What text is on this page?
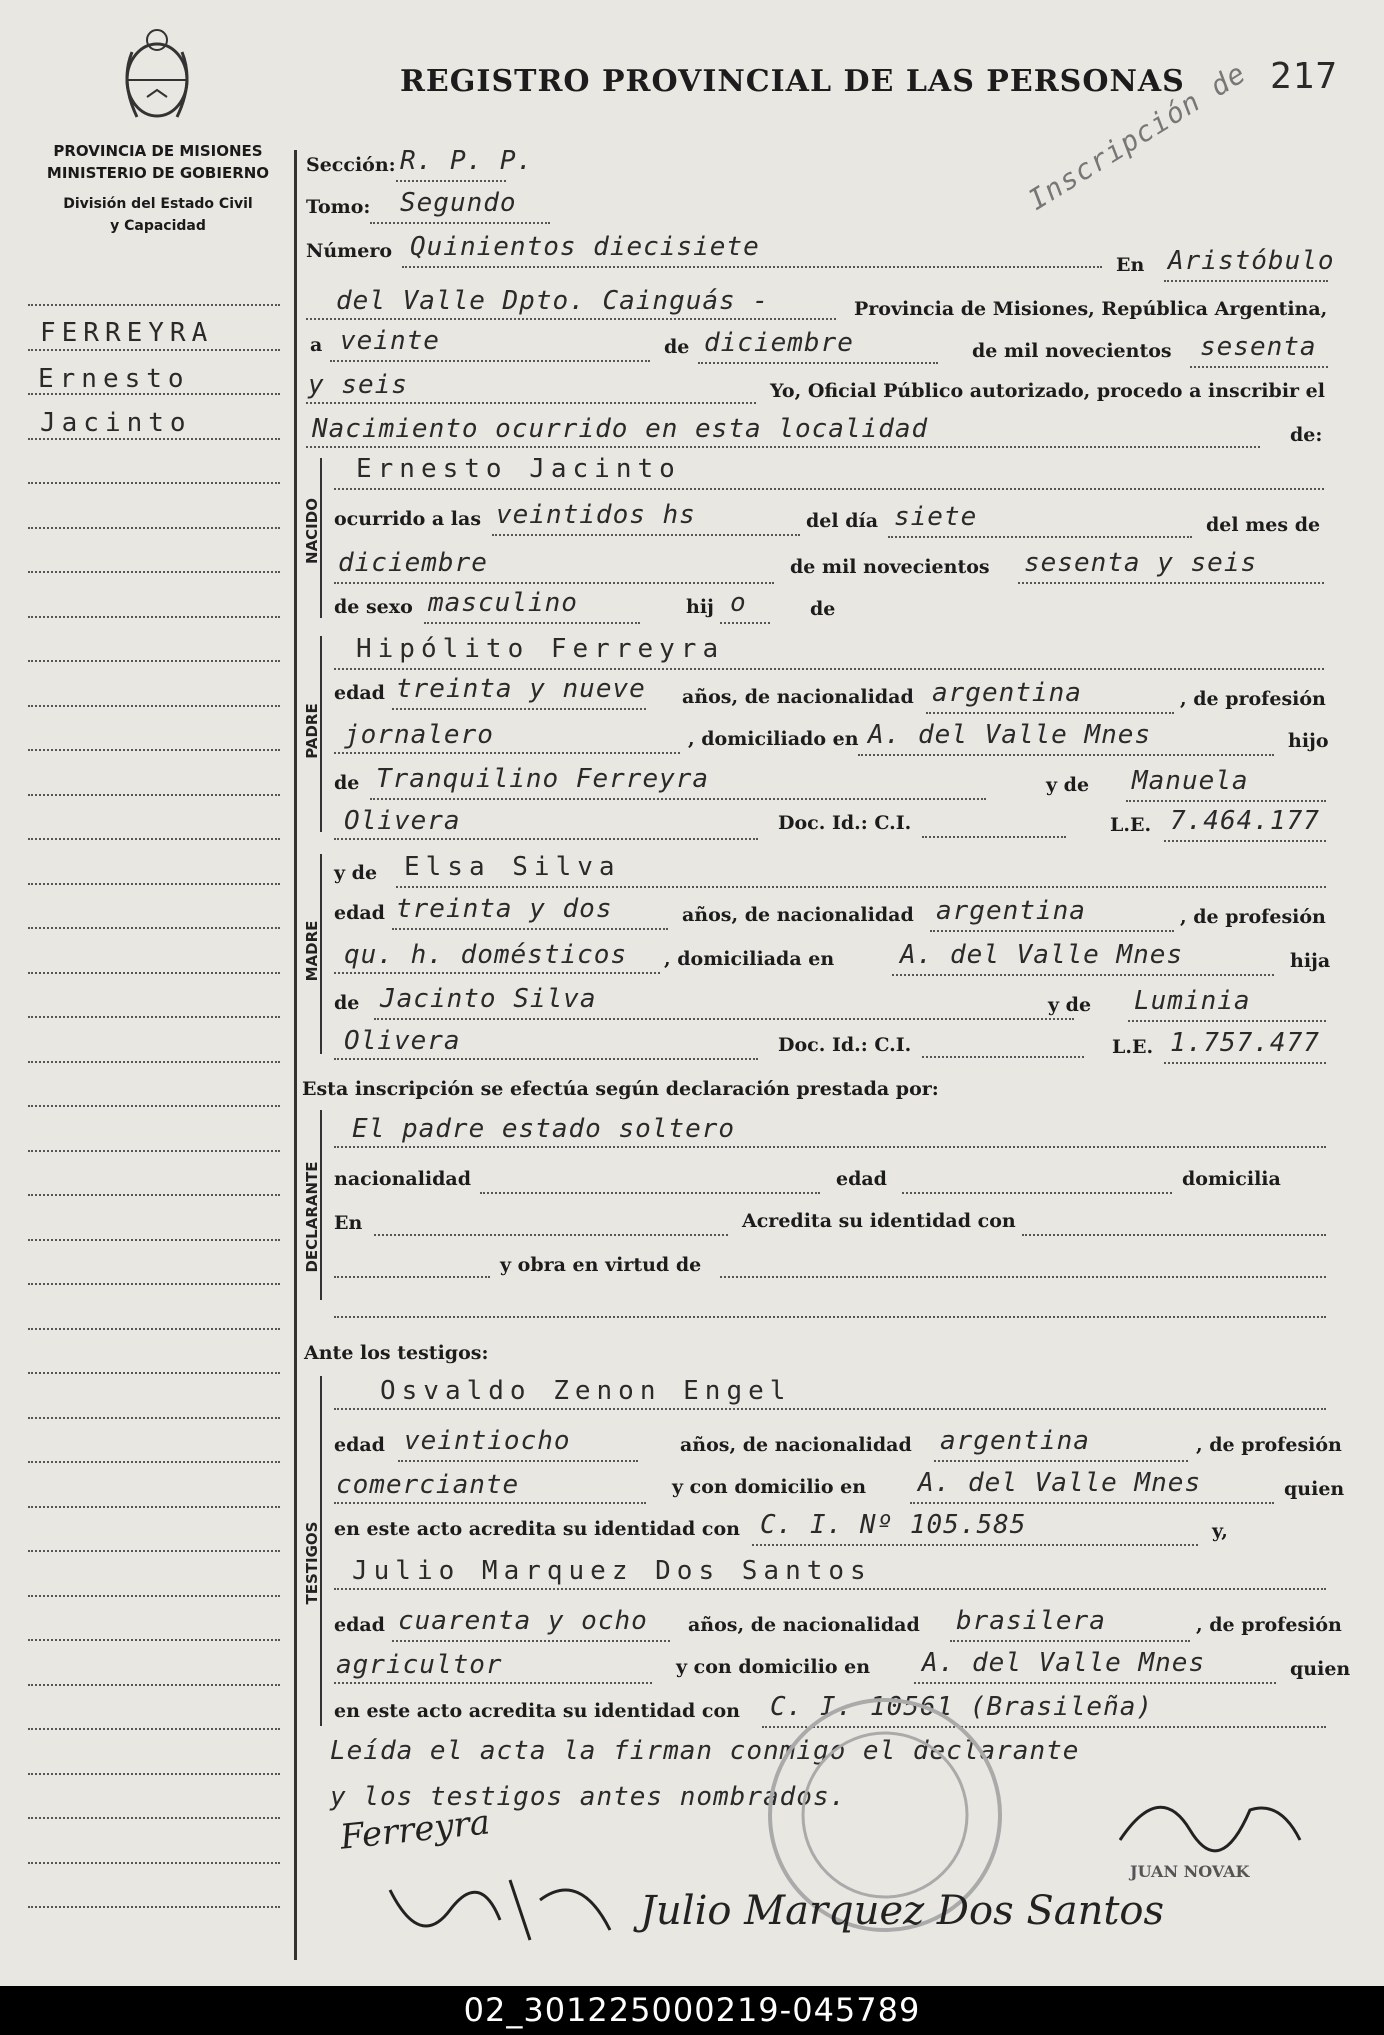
PROVINCIA DE MISIONES
MINISTERIO DE GOBIERNO
División del Estado Civil
y Capacidad
REGISTRO PROVINCIAL DE LAS PERSONAS 217
Inscripción de
FERREYRA
Ernesto
Jacinto
Sección: R. P. P.
Tomo: Segundo
Número Quinientos diecisiete
En Aristóbulo
del Valle Dpto. Cainguás -	Provincia de Misiones, República Argentina,
a veinte	de diciembre	de mil novecientos sesenta
y seis	Yo, Oficial Público autorizado, procedo a inscribir el
Nacimiento ocurrido en esta localidad	de:
NACIDO
Ernesto Jacinto
ocurrido a las veintidos hs	del día siete	del mes de
diciembre	de mil novecientos sesenta y seis
de sexo masculino	hij o	de
PADRE
Hipólito Ferreyra
edad treinta y nueve años, de nacionalidad argentina	, de profesión
jornalero	, domiciliado en A. del Valle Mnes	hijo
de Tranquilino Ferreyra	y de Manuela
Olivera	Doc. Id.: C.I.	L.E. 7.464.177
MADRE
y de Elsa Silva
edad treinta y dos	años, de nacionalidad argentina	, de profesión
qu. h. domésticos , domiciliada en	A. del Valle Mnes	hija
de Jacinto Silva	y de Luminia
Olivera	Doc. Id.: C.I.	L.E. 1.757.477
Esta inscripción se efectúa según declaración prestada por:
DECLARANTE
El padre estado soltero
nacionalidad	edad	domicilia
En	Acredita su identidad con
y obra en virtud de
Ante los testigos:
TESTIGOS
Osvaldo Zenon Engel
edad veintiocho	años, de nacionalidad argentina	, de profesión
comerciante	y con domicilio en A. del Valle Mnes	quien
en este acto acredita su identidad con C. I. Nº 105.585	y,
Julio Marquez Dos Santos
edad cuarenta y ocho años, de nacionalidad brasilera	, de profesión
agricultor	y con domicilio en A. del Valle Mnes	quien
en este acto acredita su identidad con C. I. 10561 (Brasileña)
Leída el acta la firman conmigo el declarante
y los testigos antes nombrados.
Ferreyra
Julio Marquez Dos Santos
JUAN NOVAK
02_301225000219-045789
